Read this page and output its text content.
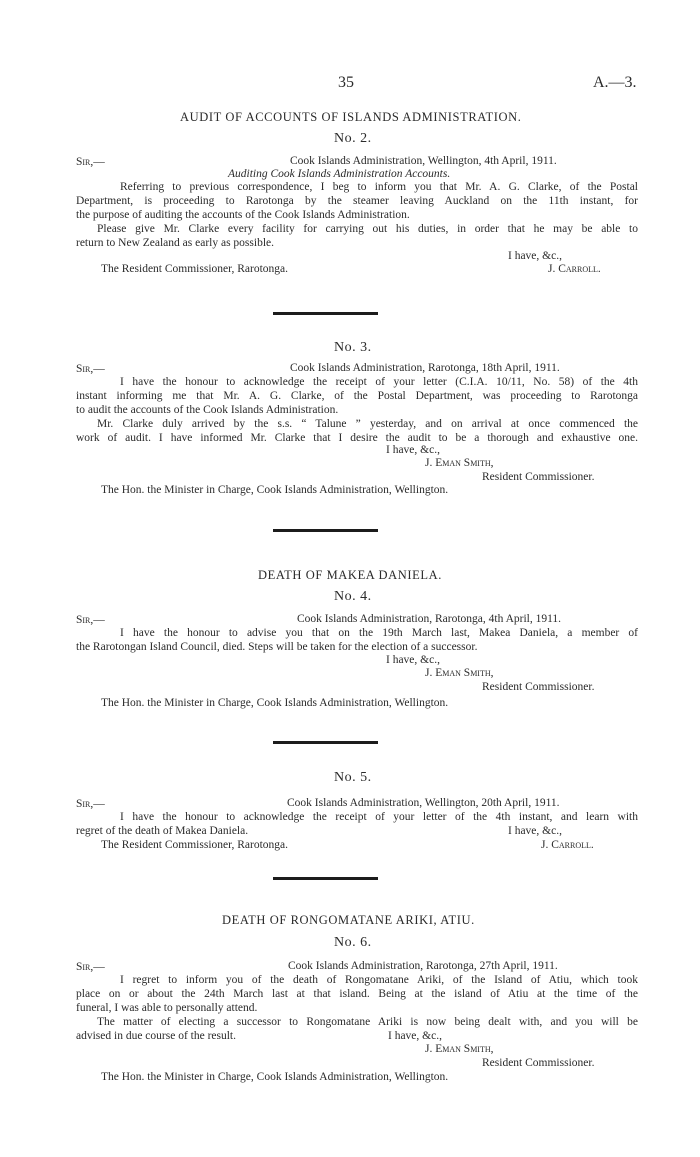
35	A.—3.
AUDIT OF ACCOUNTS OF ISLANDS ADMINISTRATION.
No. 2.
Sir,—	Cook Islands Administration, Wellington, 4th April, 1911.
Auditing Cook Islands Administration Accounts.
Referring to previous correspondence, I beg to inform you that Mr. A. G. Clarke, of the Postal
Department, is proceeding to Rarotonga by the steamer leaving Auckland on the 11th instant, for
the purpose of auditing the accounts of the Cook Islands Administration.
Please give Mr. Clarke every facility for carrying out his duties, in order that he may be able to
return to New Zealand as early as possible.
I have, &c.,
The Resident Commissioner, Rarotonga.	J. Carroll.
No. 3.
Sir,—	Cook Islands Administration, Rarotonga, 18th April, 1911.
I have the honour to acknowledge the receipt of your letter (C.I.A. 10/11, No. 58) of the 4th
instant informing me that Mr. A. G. Clarke, of the Postal Department, was proceeding to Rarotonga
to audit the accounts of the Cook Islands Administration.
Mr. Clarke duly arrived by the s.s. “ Talune ” yesterday, and on arrival at once commenced the
work of audit. I have informed Mr. Clarke that I desire the audit to be a thorough and exhaustive one.
I have, &c.,
J. Eman Smith,
Resident Commissioner.
The Hon. the Minister in Charge, Cook Islands Administration, Wellington.
DEATH OF MAKEA DANIELA.
No. 4.
Sir,—	Cook Islands Administration, Rarotonga, 4th April, 1911.
I have the honour to advise you that on the 19th March last, Makea Daniela, a member of
the Rarotongan Island Council, died. Steps will be taken for the election of a successor.
I have, &c.,
J. Eman Smith,
Resident Commissioner.
The Hon. the Minister in Charge, Cook Islands Administration, Wellington.
No. 5.
Sir,—	Cook Islands Administration, Wellington, 20th April, 1911.
I have the honour to acknowledge the receipt of your letter of the 4th instant, and learn with
regret of the death of Makea Daniela.	I have, &c.,
The Resident Commissioner, Rarotonga.	J. Carroll.
DEATH OF RONGOMATANE ARIKI, ATIU.
No. 6.
Sir,—	Cook Islands Administration, Rarotonga, 27th April, 1911.
I regret to inform you of the death of Rongomatane Ariki, of the Island of Atiu, which took
place on or about the 24th March last at that island. Being at the island of Atiu at the time of the
funeral, I was able to personally attend.
The matter of electing a successor to Rongomatane Ariki is now being dealt with, and you will be
advised in due course of the result.	I have, &c.,
J. Eman Smith,
Resident Commissioner.
The Hon. the Minister in Charge, Cook Islands Administration, Wellington.
